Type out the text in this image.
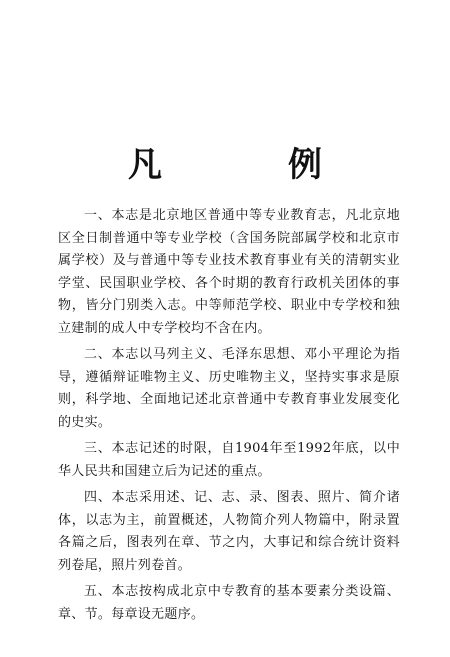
凡　例

一、本志是北京地区普通中等专业教育志，凡北京地区全日制普通中等专业学校（含国务院部属学校和北京市属学校）及与普通中等专业技术教育事业有关的清朝实业学堂、民国职业学校、各个时期的教育行政机关团体的事物，皆分门别类入志。中等师范学校、职业中专学校和独立建制的成人中专学校均不含在内。

二、本志以马列主义、毛泽东思想、邓小平理论为指导，遵循辩证唯物主义、历史唯物主义，坚持实事求是原则，科学地、全面地记述北京普通中专教育事业发展变化的史实。

三、本志记述的时限，自1904年至1992年底，以中华人民共和国建立后为记述的重点。

四、本志采用述、记、志、录、图表、照片、简介诸体，以志为主，前置概述，人物简介列人物篇中，附录置各篇之后，图表列在章、节之内，大事记和综合统计资料列卷尾，照片列卷首。

五、本志按构成北京中专教育的基本要素分类设篇、章、节。每章设无题序。
